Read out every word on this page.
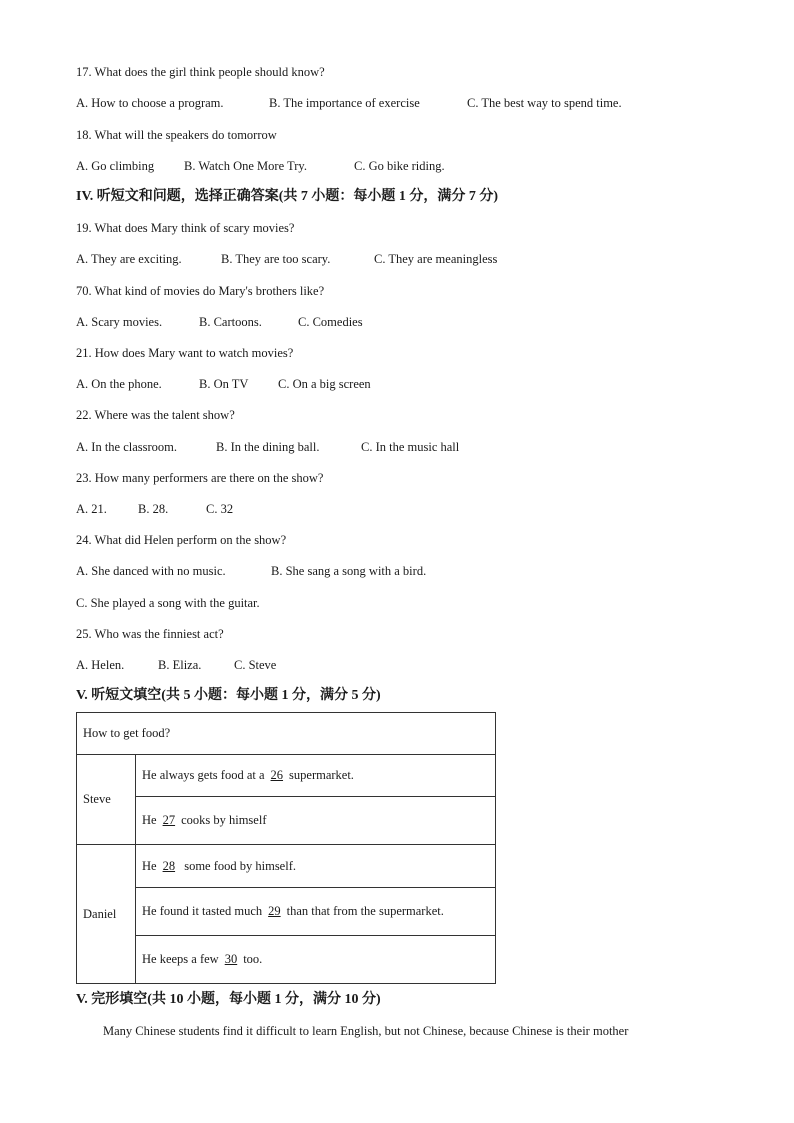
17. What does the girl think people should know?
A. How to choose a program.	B. The importance of exercise	C. The best way to spend time.
18. What will the speakers do tomorrow
A. Go climbing B. Watch One More Try.	C. Go bike riding.
IV. 听短文和问题，选择正确答案(共 7 小题：每小题 1 分，满分 7 分)
19. What does Mary think of scary movies?
A. They are exciting.	B. They are too scary.	C. They are meaningless
70. What kind of movies do Mary's brothers like?
A. Scary movies.	B. Cartoons.	C. Comedies
21. How does Mary want to watch movies?
A. On the phone.	B. On TV C. On a big screen
22. Where was the talent show?
A. In the classroom.	B. In the dining ball.	C. In the music hall
23. How many performers are there on the show?
A. 21. B. 28.	C. 32
24. What did Helen perform on the show?
A. She danced with no music.	B. She sang a song with a bird.
C. She played a song with the guitar.
25. Who was the finniest act?
A. Helen.	B. Eliza.	C. Steve
V. 听短文填空(共 5 小题：每小题 1 分，满分 5 分)
How to get food?	
Steve	He always gets food at a 26 supermarket.
	He 27 cooks by himself
Daniel	He 28 some food by himself.
	He found it tasted much 29 than that from the supermarket.
	He keeps a few 30 too.
V. 完形填空(共 10 小题，每小题 1 分，满分 10 分)
Many Chinese students find it difficult to learn English, but not Chinese, because Chinese is their mother
